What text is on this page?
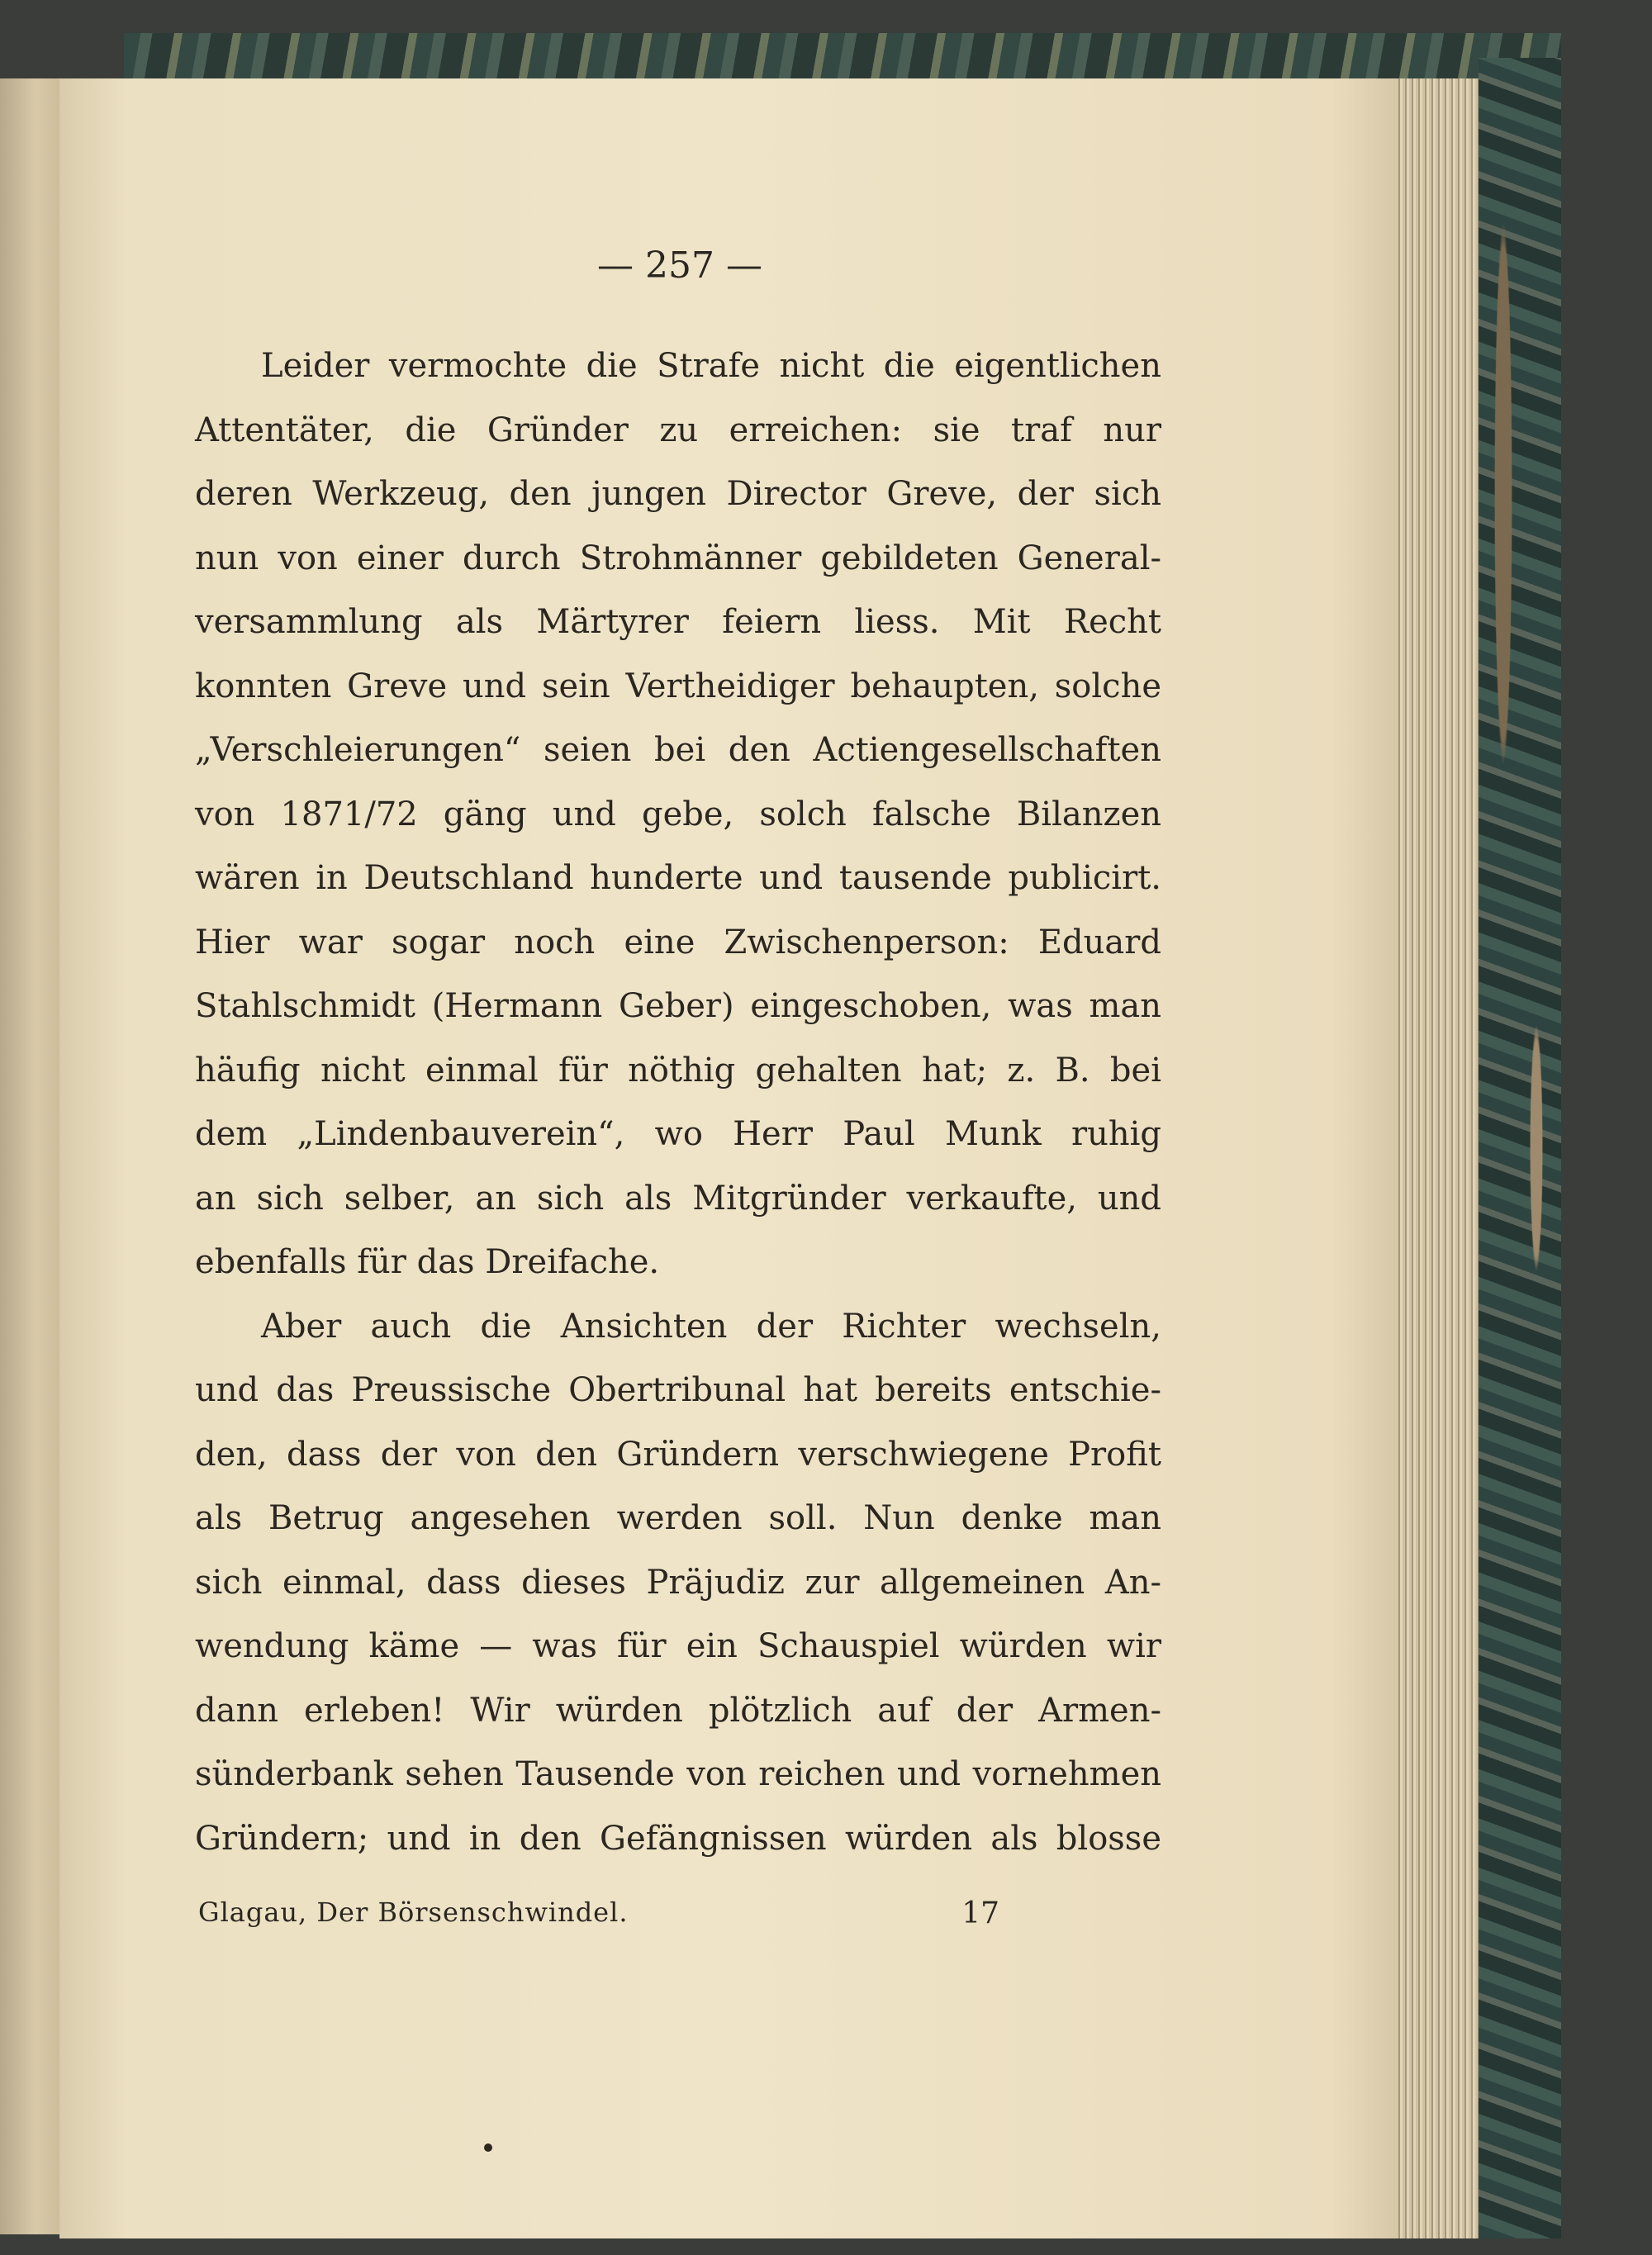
— 257 —
Leider vermochte die Strafe nicht die eigentlichen
Attentäter, die Gründer zu erreichen: sie traf nur
deren Werkzeug, den jungen Director Greve, der sich
nun von einer durch Strohmänner gebildeten General-
versammlung als Märtyrer feiern liess. Mit Recht
konnten Greve und sein Vertheidiger behaupten, solche
„Verschleierungen“ seien bei den Actiengesellschaften
von 1871/72 gäng und gebe, solch falsche Bilanzen
wären in Deutschland hunderte und tausende publicirt.
Hier war sogar noch eine Zwischenperson: Eduard
Stahlschmidt (Hermann Geber) eingeschoben, was man
häufig nicht einmal für nöthig gehalten hat; z. B. bei
dem „Lindenbauverein“, wo Herr Paul Munk ruhig
an sich selber, an sich als Mitgründer verkaufte, und
ebenfalls für das Dreifache.
Aber auch die Ansichten der Richter wechseln,
und das Preussische Obertribunal hat bereits entschie-
den, dass der von den Gründern verschwiegene Profit
als Betrug angesehen werden soll. Nun denke man
sich einmal, dass dieses Präjudiz zur allgemeinen An-
wendung käme — was für ein Schauspiel würden wir
dann erleben! Wir würden plötzlich auf der Armen-
sünderbank sehen Tausende von reichen und vornehmen
Gründern; und in den Gefängnissen würden als blosse
Glagau, Der Börsenschwindel.	17
